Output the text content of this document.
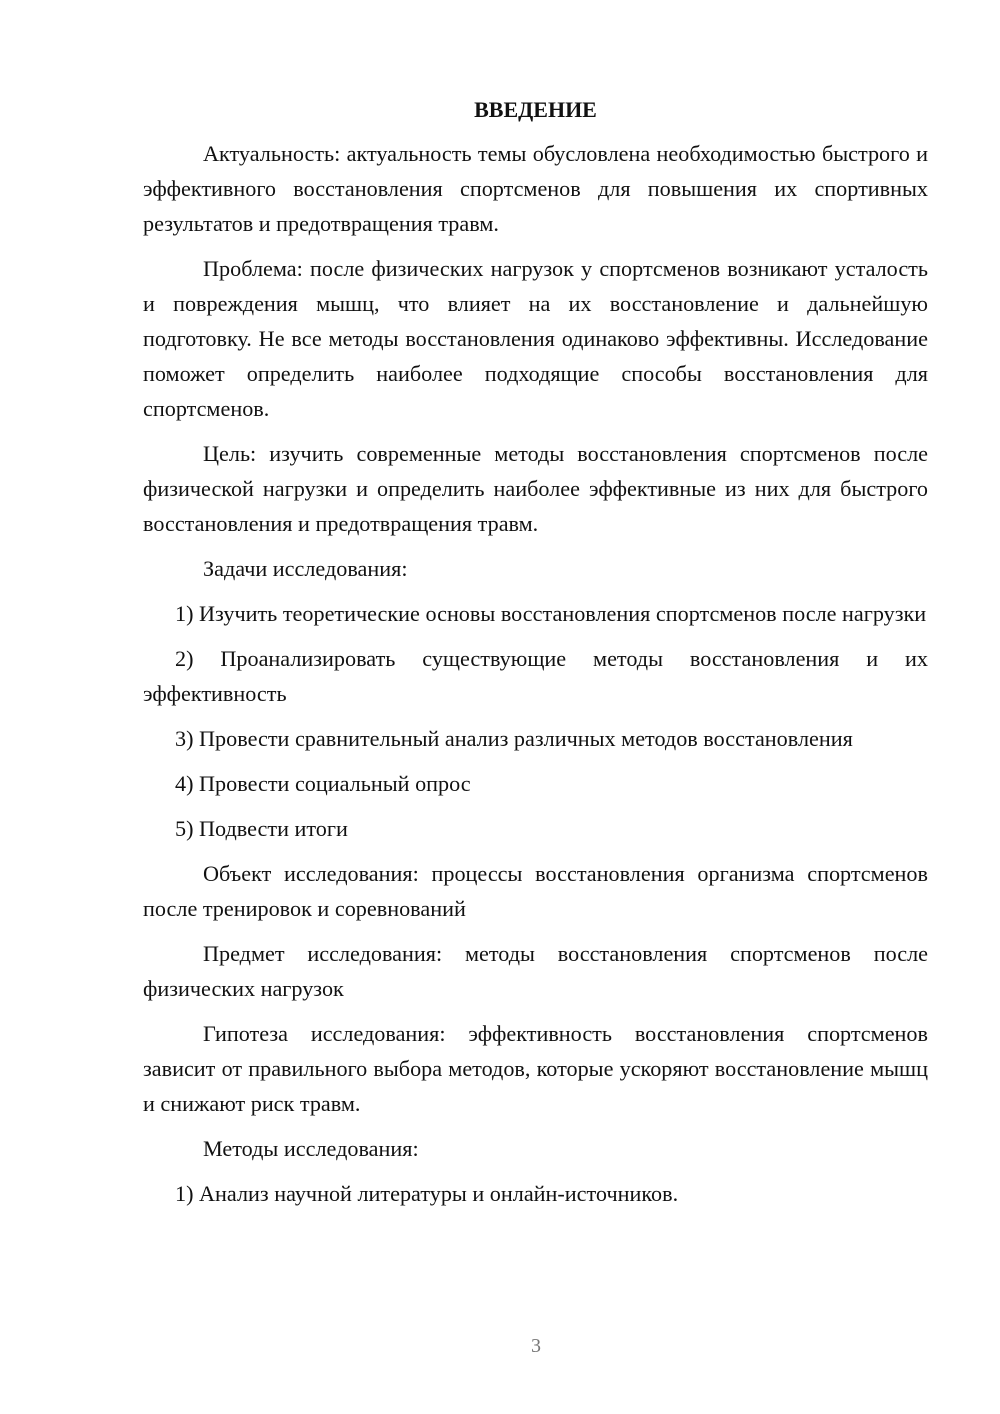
ВВЕДЕНИЕ

Актуальность: актуальность темы обусловлена необходимостью быстрого и эффективного восстановления спортсменов для повышения их спортивных результатов и предотвращения травм.

Проблема: после физических нагрузок у спортсменов возникают усталость и повреждения мышц, что влияет на их восстановление и дальнейшую подготовку. Не все методы восстановления одинаково эффективны. Исследование поможет определить наиболее подходящие способы восстановления для спортсменов.

Цель: изучить современные методы восстановления спортсменов после физической нагрузки и определить наиболее эффективные из них для быстрого восстановления и предотвращения травм.

Задачи исследования:

1) Изучить теоретические основы восстановления спортсменов после нагрузки

2) Проанализировать существующие методы восстановления и их эффективность

3) Провести сравнительный анализ различных методов восстановления

4) Провести социальный опрос

5) Подвести итоги

Объект исследования: процессы восстановления организма спортсменов после тренировок и соревнований

Предмет исследования: методы восстановления спортсменов после физических нагрузок

Гипотеза исследования: эффективность восстановления спортсменов зависит от правильного выбора методов, которые ускоряют восстановление мышц и снижают риск травм.

Методы исследования:

1) Анализ научной литературы и онлайн-источников.

3
